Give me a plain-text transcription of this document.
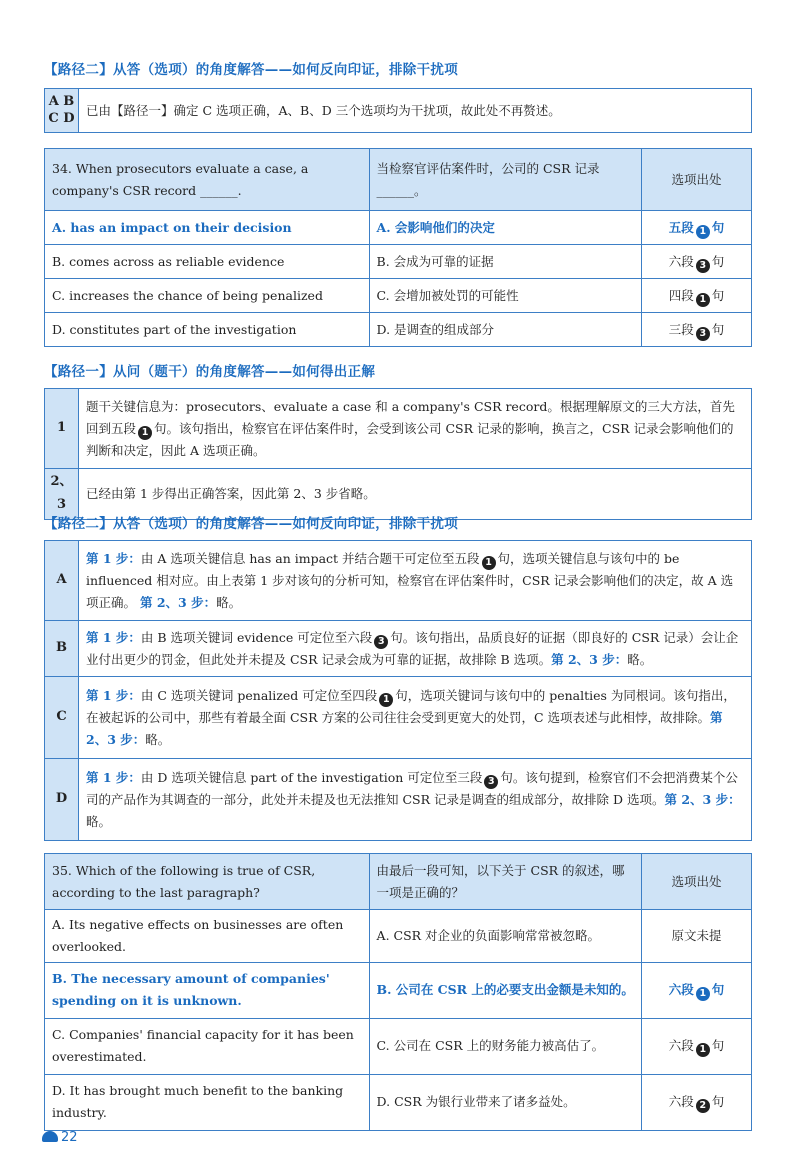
【路径二】从答（选项）的角度解答——如何反向印证，排除干扰项
A B
C D
	已由【路径一】确定 C 选项正确，A、B、D 三个选项均为干扰项，故此处不再赘述。
34. When prosecutors evaluate a case, a company's CSR record ______.	当检察官评估案件时，公司的 CSR 记录______。	选项出处
A. has an impact on their decision	A. 会影响他们的决定	五段 1 句
B. comes across as reliable evidence	B. 会成为可靠的证据	六段 3 句
C. increases the chance of being penalized	C. 会增加被处罚的可能性	四段 1 句
D. constitutes part of the investigation	D. 是调查的组成部分	三段 3 句
【路径一】从问（题干）的角度解答——如何得出正解
1	题干关键信息为：prosecutors、evaluate a case 和 a company's CSR record。根据理解原文的三大方法，首先回到五段 1 句。该句指出，检察官在评估案件时，会受到该公司 CSR 记录的影响，换言之，CSR 记录会影响他们的判断和决定，因此 A 选项正确。
2、3	已经由第 1 步得出正确答案，因此第 2、3 步省略。
【路径二】从答（选项）的角度解答——如何反向印证，排除干扰项
A	第 1 步：由 A 选项关键信息 has an impact 并结合题干可定位至五段 1 句，选项关键信息与该句中的 be influenced 相对应。由上表第 1 步对该句的分析可知，检察官在评估案件时，CSR 记录会影响他们的决定，故 A 选项正确。 第 2、3 步：略。
B	第 1 步：由 B 选项关键词 evidence 可定位至六段 3 句。该句指出，品质良好的证据（即良好的 CSR 记录）会让企业付出更少的罚金，但此处并未提及 CSR 记录会成为可靠的证据，故排除 B 选项。第 2、3 步：略。
C	第 1 步：由 C 选项关键词 penalized 可定位至四段 1 句，选项关键词与该句中的 penalties 为同根词。该句指出，在被起诉的公司中，那些有着最全面 CSR 方案的公司往往会受到更宽大的处罚，C 选项表述与此相悖，故排除。第 2、3 步：略。
D	第 1 步：由 D 选项关键信息 part of the investigation 可定位至三段 3 句。该句提到，检察官们不会把消费某个公司的产品作为其调查的一部分，此处并未提及也无法推知 CSR 记录是调查的组成部分，故排除 D 选项。第 2、3 步：略。
35. Which of the following is true of CSR, according to the last paragraph?	由最后一段可知，以下关于 CSR 的叙述，哪一项是正确的？	选项出处
A. Its negative effects on businesses are often overlooked.	A. CSR 对企业的负面影响常常被忽略。	原文未提
B. The necessary amount of companies' spending on it is unknown.	B. 公司在 CSR 上的必要支出金额是未知的。	六段 1 句
C. Companies' financial capacity for it has been overestimated.	C. 公司在 CSR 上的财务能力被高估了。	六段 1 句
D. It has brought much benefit to the banking industry.	D. CSR 为银行业带来了诸多益处。	六段 2 句
22
